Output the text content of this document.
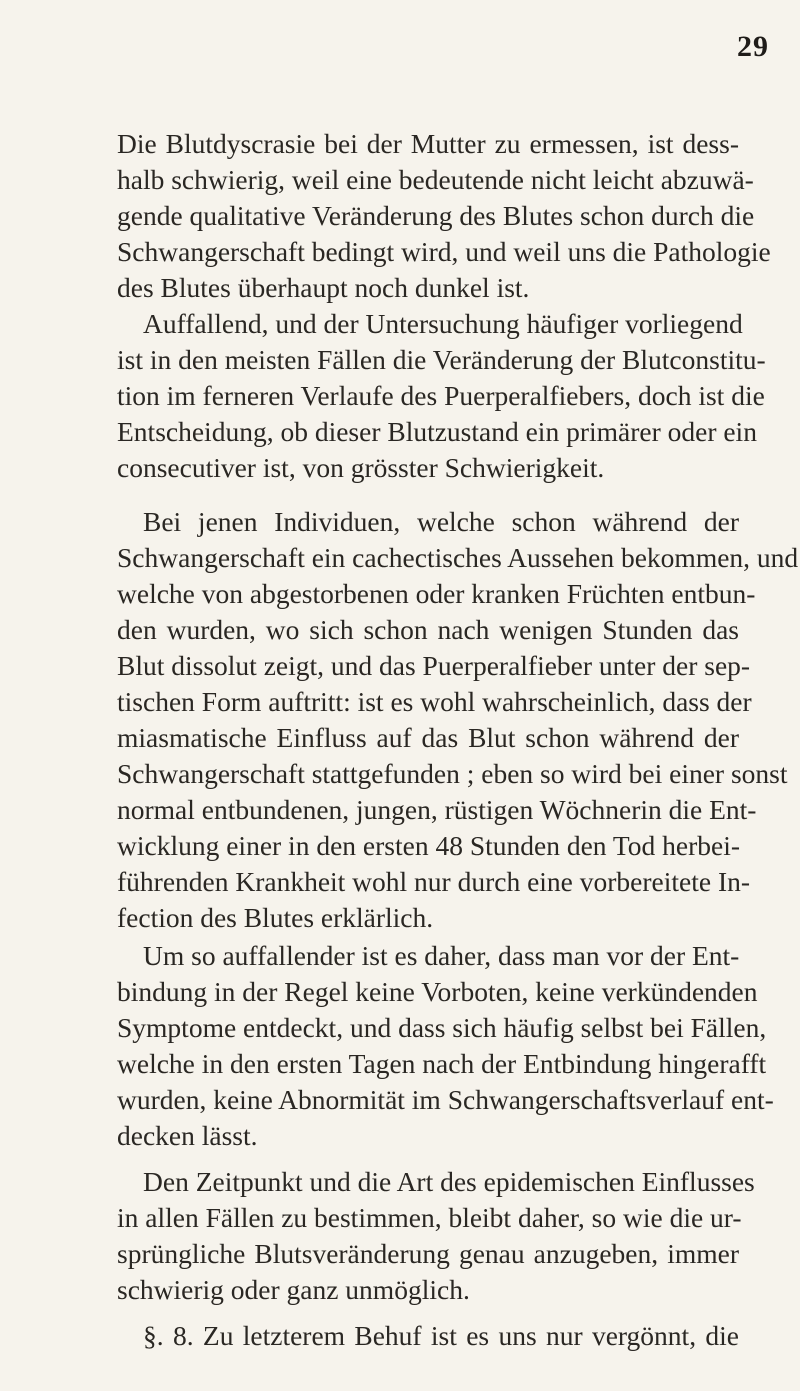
29
Die Blutdyscrasie bei der Mutter zu ermessen, ist dess-
halb schwierig, weil eine bedeutende nicht leicht abzuwä-
gende qualitative Veränderung des Blutes schon durch die
Schwangerschaft bedingt wird, und weil uns die Pathologie
des Blutes überhaupt noch dunkel ist.
Auffallend, und der Untersuchung häufiger vorliegend
ist in den meisten Fällen die Veränderung der Blutconstitu-
tion im ferneren Verlaufe des Puerperalfiebers, doch ist die
Entscheidung, ob dieser Blutzustand ein primärer oder ein
consecutiver ist, von grösster Schwierigkeit.
Bei jenen Individuen, welche schon während der
Schwangerschaft ein cachectisches Aussehen bekommen, und
welche von abgestorbenen oder kranken Früchten entbun-
den wurden, wo sich schon nach wenigen Stunden das
Blut dissolut zeigt, und das Puerperalfieber unter der sep-
tischen Form auftritt: ist es wohl wahrscheinlich, dass der
miasmatische Einfluss auf das Blut schon während der
Schwangerschaft stattgefunden ; eben so wird bei einer sonst
normal entbundenen, jungen, rüstigen Wöchnerin die Ent-
wicklung einer in den ersten 48 Stunden den Tod herbei-
führenden Krankheit wohl nur durch eine vorbereitete In-
fection des Blutes erklärlich.
Um so auffallender ist es daher, dass man vor der Ent-
bindung in der Regel keine Vorboten, keine verkündenden
Symptome entdeckt, und dass sich häufig selbst bei Fällen,
welche in den ersten Tagen nach der Entbindung hingerafft
wurden, keine Abnormität im Schwangerschaftsverlauf ent-
decken lässt.
Den Zeitpunkt und die Art des epidemischen Einflusses
in allen Fällen zu bestimmen, bleibt daher, so wie die ur-
sprüngliche Blutsveränderung genau anzugeben, immer
schwierig oder ganz unmöglich.
§. 8. Zu letzterem Behuf ist es uns nur vergönnt, die
